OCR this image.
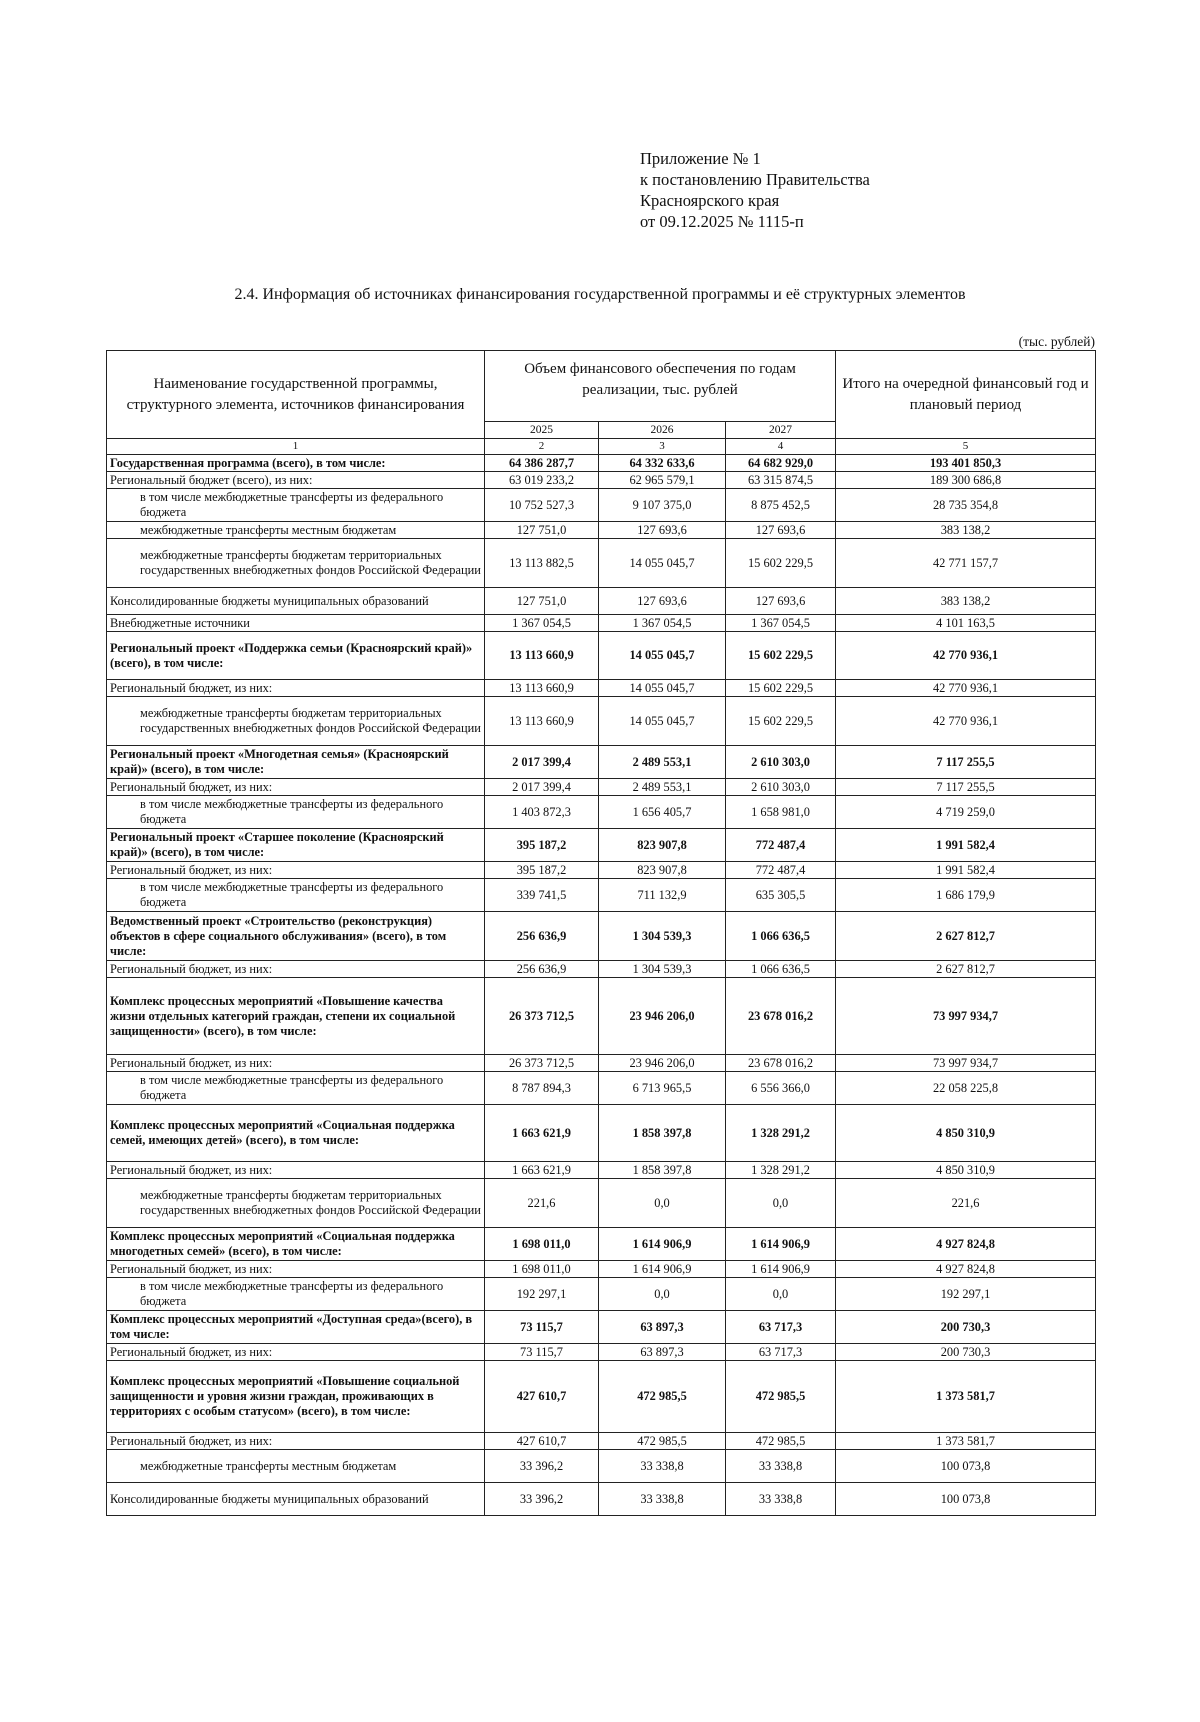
Приложение № 1
к постановлению Правительства
Красноярского края
от 09.12.2025 № 1115-п
2.4. Информация об источниках финансирования государственной программы и её структурных элементов
(тыс. рублей)
Наименование государственной программы, структурного элемента, источников финансирования	Объем финансового обеспечения по годам реализации, тыс. рублей			Итого на очередной финансовый год и плановый период
	2025	2026	2027	
1	2	3	4	5
Государственная программа (всего), в том числе:	64 386 287,7	64 332 633,6	64 682 929,0	193 401 850,3
Региональный бюджет (всего), из них:	63 019 233,2	62 965 579,1	63 315 874,5	189 300 686,8
в том числе межбюджетные трансферты из федерального бюджета	10 752 527,3	9 107 375,0	8 875 452,5	28 735 354,8
межбюджетные трансферты местным бюджетам	127 751,0	127 693,6	127 693,6	383 138,2
межбюджетные трансферты бюджетам территориальных государственных внебюджетных фондов Российской Федерации	13 113 882,5	14 055 045,7	15 602 229,5	42 771 157,7
Консолидированные бюджеты муниципальных образований	127 751,0	127 693,6	127 693,6	383 138,2
Внебюджетные источники	1 367 054,5	1 367 054,5	1 367 054,5	4 101 163,5
Региональный проект «Поддержка семьи (Красноярский край)» (всего), в том числе:	13 113 660,9	14 055 045,7	15 602 229,5	42 770 936,1
Региональный бюджет, из них:	13 113 660,9	14 055 045,7	15 602 229,5	42 770 936,1
межбюджетные трансферты бюджетам территориальных государственных внебюджетных фондов Российской Федерации	13 113 660,9	14 055 045,7	15 602 229,5	42 770 936,1
Региональный проект «Многодетная семья» (Красноярский край)» (всего), в том числе:	2 017 399,4	2 489 553,1	2 610 303,0	7 117 255,5
Региональный бюджет, из них:	2 017 399,4	2 489 553,1	2 610 303,0	7 117 255,5
в том числе межбюджетные трансферты из федерального бюджета	1 403 872,3	1 656 405,7	1 658 981,0	4 719 259,0
Региональный проект «Старшее поколение (Красноярский край)» (всего), в том числе:	395 187,2	823 907,8	772 487,4	1 991 582,4
Региональный бюджет, из них:	395 187,2	823 907,8	772 487,4	1 991 582,4
в том числе межбюджетные трансферты из федерального бюджета	339 741,5	711 132,9	635 305,5	1 686 179,9
Ведомственный проект «Строительство (реконструкция) объектов в сфере социального обслуживания» (всего), в том числе:	256 636,9	1 304 539,3	1 066 636,5	2 627 812,7
Региональный бюджет, из них:	256 636,9	1 304 539,3	1 066 636,5	2 627 812,7
Комплекс процессных мероприятий «Повышение качества жизни отдельных категорий граждан, степени их социальной защищенности» (всего), в том числе:	26 373 712,5	23 946 206,0	23 678 016,2	73 997 934,7
Региональный бюджет, из них:	26 373 712,5	23 946 206,0	23 678 016,2	73 997 934,7
в том числе межбюджетные трансферты из федерального бюджета	8 787 894,3	6 713 965,5	6 556 366,0	22 058 225,8
Комплекс процессных мероприятий «Социальная поддержка семей, имеющих детей» (всего), в том числе:	1 663 621,9	1 858 397,8	1 328 291,2	4 850 310,9
Региональный бюджет, из них:	1 663 621,9	1 858 397,8	1 328 291,2	4 850 310,9
межбюджетные трансферты бюджетам территориальных государственных внебюджетных фондов Российской Федерации	221,6	0,0	0,0	221,6
Комплекс процессных мероприятий «Социальная поддержка многодетных семей» (всего), в том числе:	1 698 011,0	1 614 906,9	1 614 906,9	4 927 824,8
Региональный бюджет, из них:	1 698 011,0	1 614 906,9	1 614 906,9	4 927 824,8
в том числе межбюджетные трансферты из федерального бюджета	192 297,1	0,0	0,0	192 297,1
Комплекс процессных мероприятий «Доступная среда»(всего), в том числе:	73 115,7	63 897,3	63 717,3	200 730,3
Региональный бюджет, из них:	73 115,7	63 897,3	63 717,3	200 730,3
Комплекс процессных мероприятий «Повышение социальной защищенности и уровня жизни граждан, проживающих в территориях с особым статусом» (всего), в том числе:	427 610,7	472 985,5	472 985,5	1 373 581,7
Региональный бюджет, из них:	427 610,7	472 985,5	472 985,5	1 373 581,7
межбюджетные трансферты местным бюджетам	33 396,2	33 338,8	33 338,8	100 073,8
Консолидированные бюджеты муниципальных образований	33 396,2	33 338,8	33 338,8	100 073,8
